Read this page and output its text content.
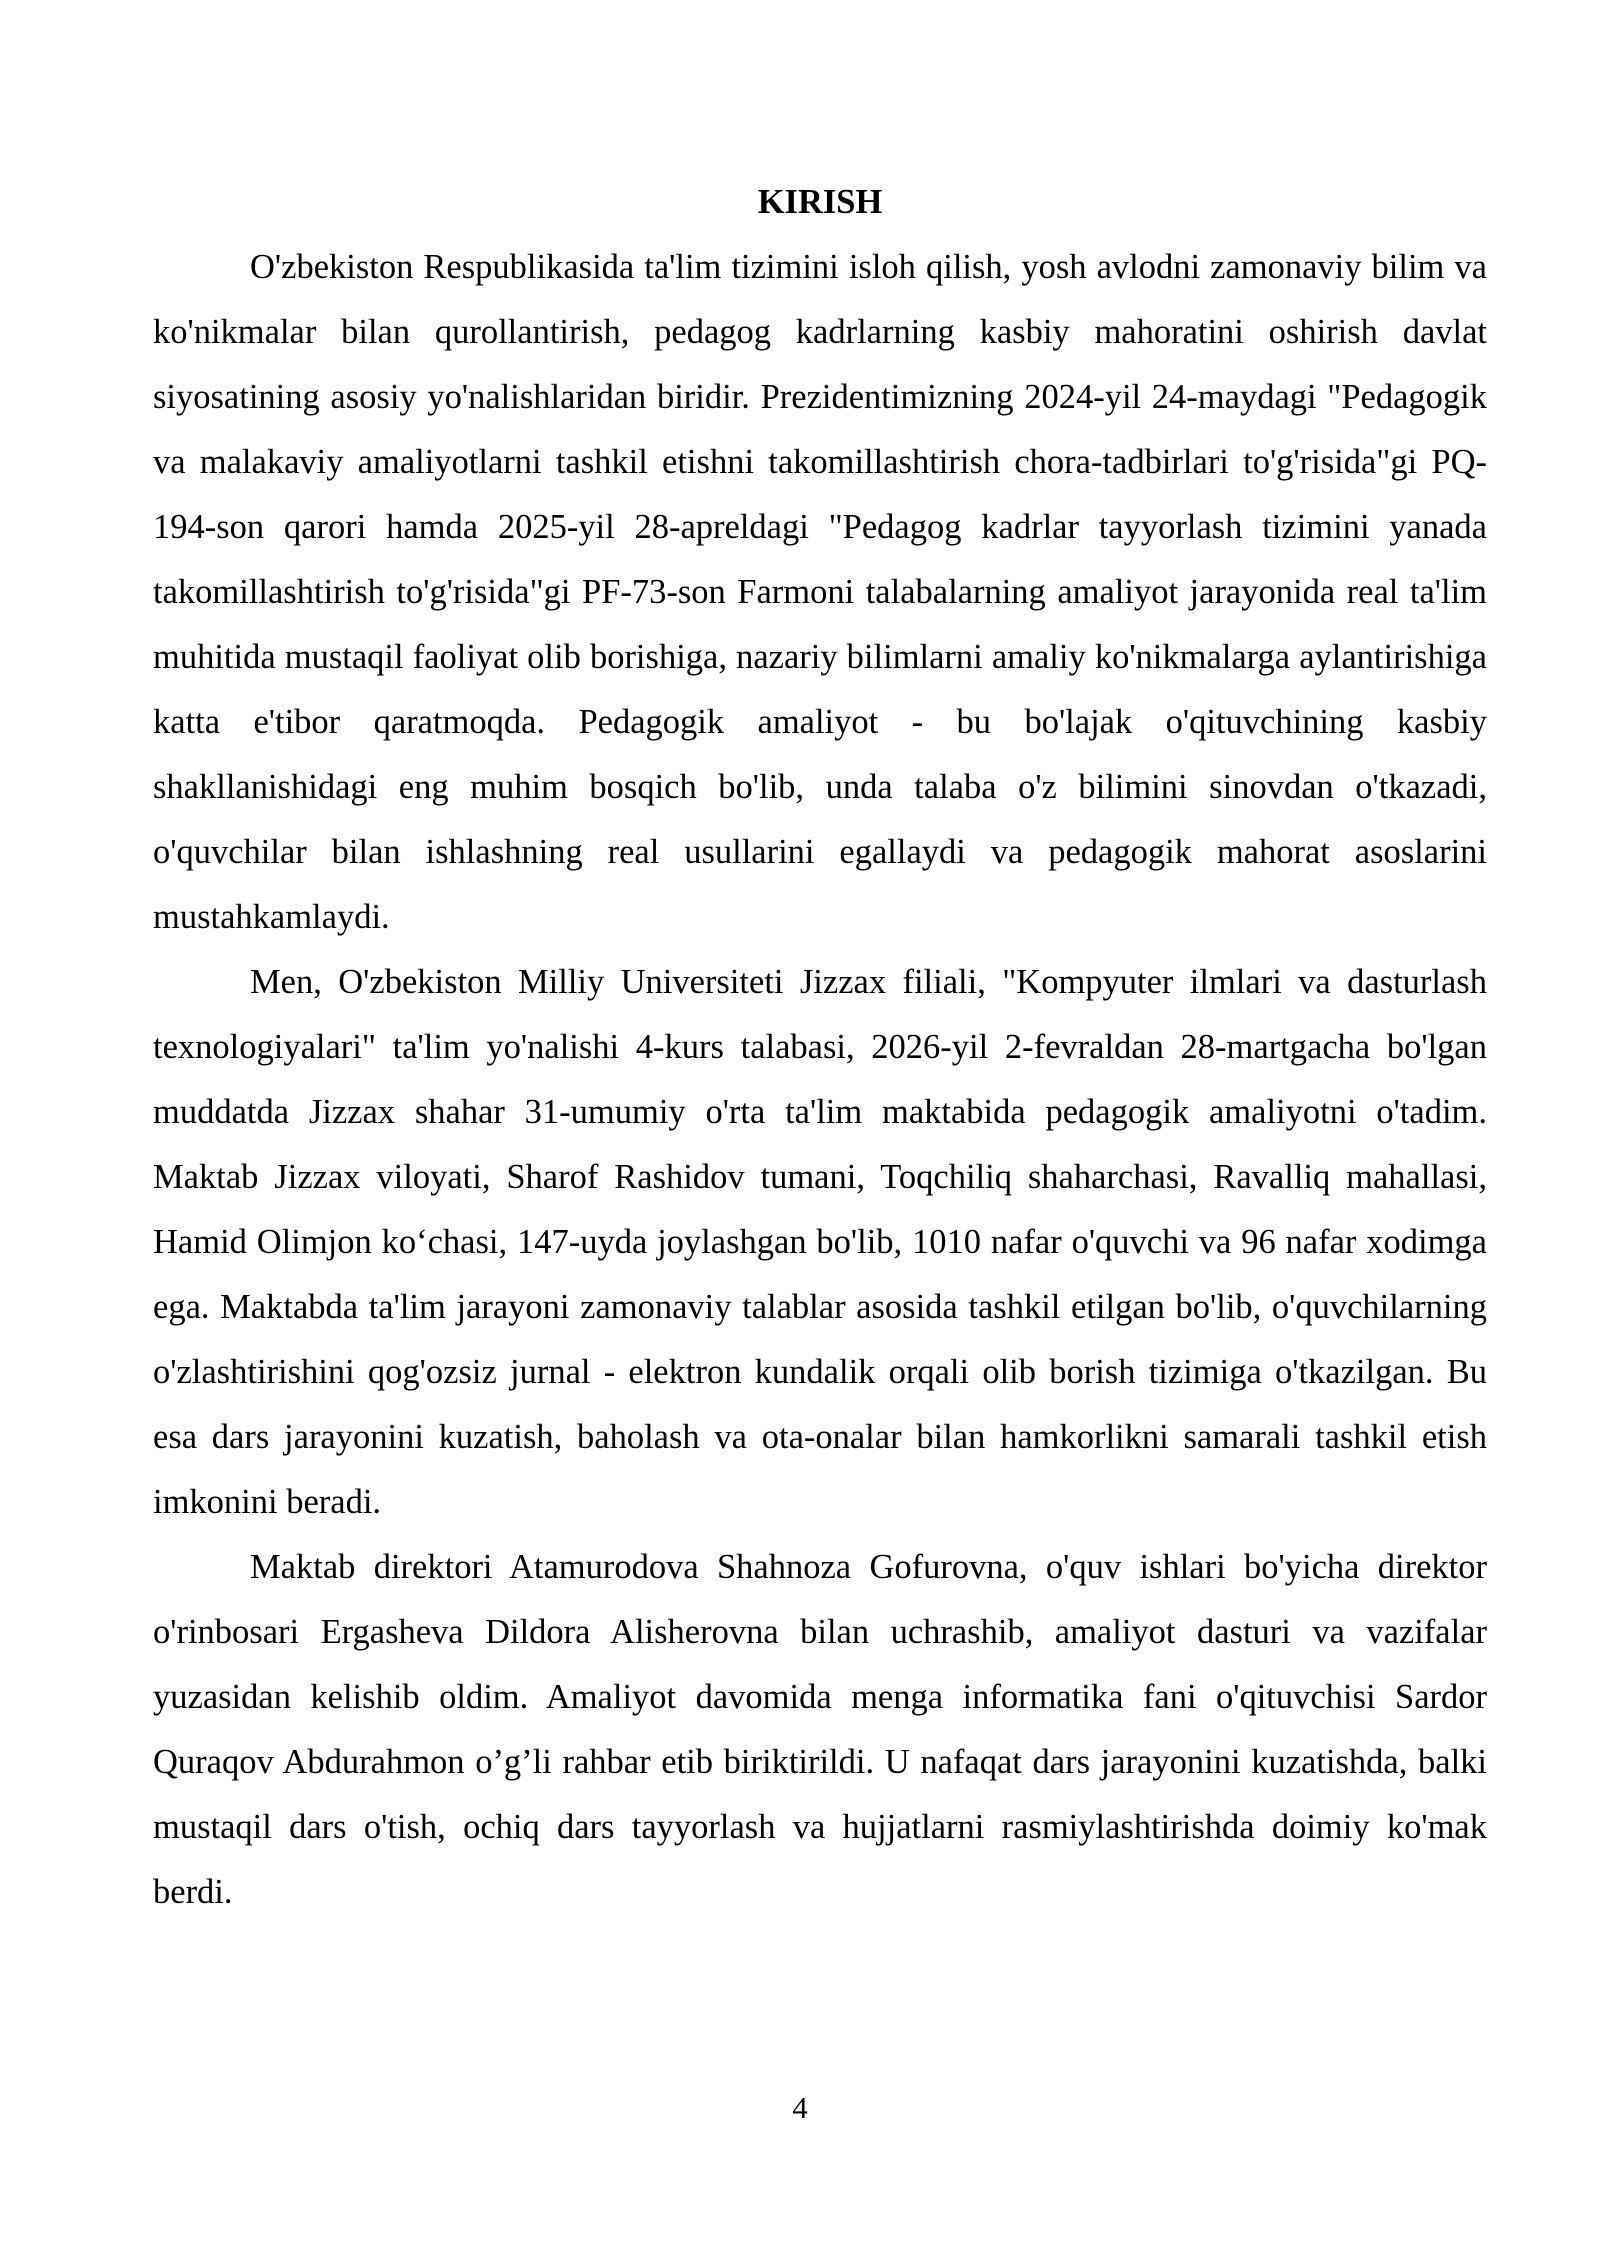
KIRISH

O'zbekiston Respublikasida ta'lim tizimini isloh qilish, yosh avlodni zamonaviy bilim va ko'nikmalar bilan qurollantirish, pedagog kadrlarning kasbiy mahoratini oshirish davlat siyosatining asosiy yo'nalishlaridan biridir. Prezidentimizning 2024-yil 24-maydagi "Pedagogik va malakaviy amaliyotlarni tashkil etishni takomillashtirish chora-tadbirlari to'g'risida"gi PQ-194-son qarori hamda 2025-yil 28-apreldagi "Pedagog kadrlar tayyorlash tizimini yanada takomillashtirish to'g'risida"gi PF-73-son Farmoni talabalarning amaliyot jarayonida real ta'lim muhitida mustaqil faoliyat olib borishiga, nazariy bilimlarni amaliy ko'nikmalarga aylantirishiga katta e'tibor qaratmoqda. Pedagogik amaliyot - bu bo'lajak o'qituvchining kasbiy shakllanishidagi eng muhim bosqich bo'lib, unda talaba o'z bilimini sinovdan o'tkazadi, o'quvchilar bilan ishlashning real usullarini egallaydi va pedagogik mahorat asoslarini mustahkamlaydi.

Men, O'zbekiston Milliy Universiteti Jizzax filiali, "Kompyuter ilmlari va dasturlash texnologiyalari" ta'lim yo'nalishi 4-kurs talabasi, 2026-yil 2-fevraldan 28-martgacha bo'lgan muddatda Jizzax shahar 31-umumiy o'rta ta'lim maktabida pedagogik amaliyotni o'tadim. Maktab Jizzax viloyati, Sharof Rashidov tumani, Toqchiliq shaharchasi, Ravalliq mahallasi, Hamid Olimjon ko‘chasi, 147-uyda joylashgan bo'lib, 1010 nafar o'quvchi va 96 nafar xodimga ega. Maktabda ta'lim jarayoni zamonaviy talablar asosida tashkil etilgan bo'lib, o'quvchilarning o'zlashtirishini qog'ozsiz jurnal - elektron kundalik orqali olib borish tizimiga o'tkazilgan. Bu esa dars jarayonini kuzatish, baholash va ota-onalar bilan hamkorlikni samarali tashkil etish imkonini beradi.

Maktab direktori Atamurodova Shahnoza Gofurovna, o'quv ishlari bo'yicha direktor o'rinbosari Ergasheva Dildora Alisherovna bilan uchrashib, amaliyot dasturi va vazifalar yuzasidan kelishib oldim. Amaliyot davomida menga informatika fani o'qituvchisi Sardor Quraqov Abdurahmon o’g’li rahbar etib biriktirildi. U nafaqat dars jarayonini kuzatishda, balki mustaqil dars o'tish, ochiq dars tayyorlash va hujjatlarni rasmiylashtirishda doimiy ko'mak berdi.

4
